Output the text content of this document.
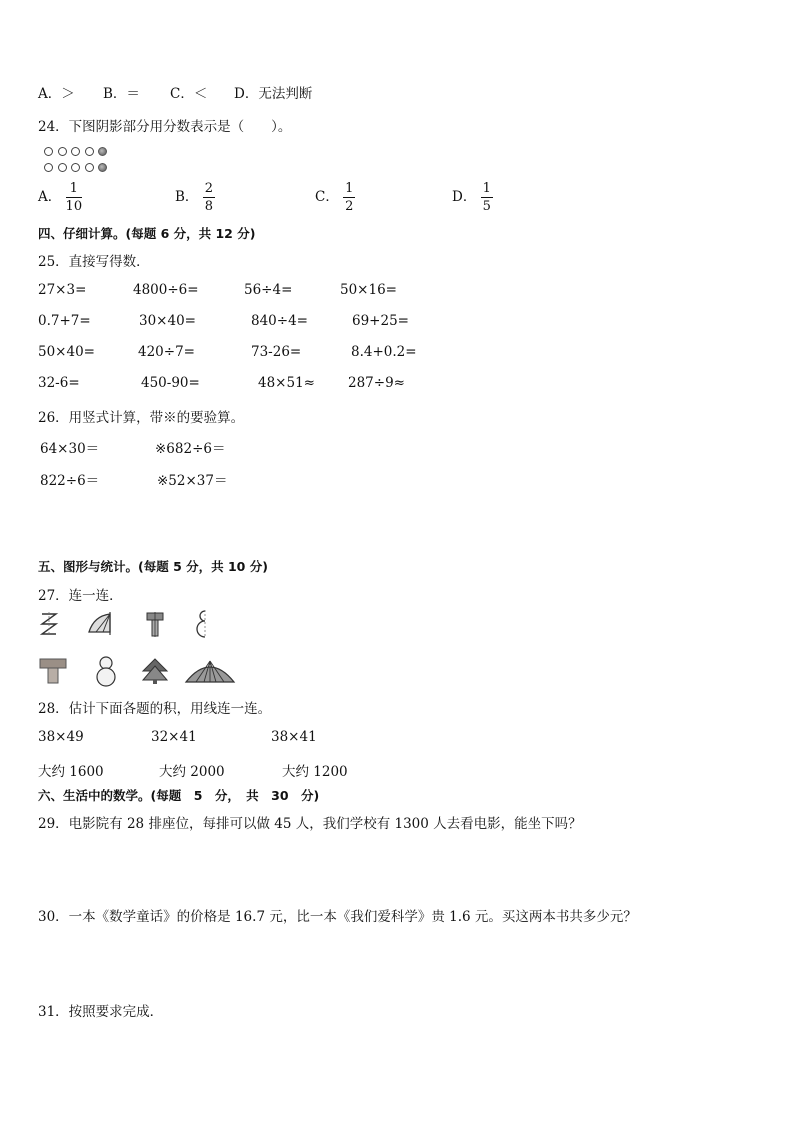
A．＞ B．＝ C．＜ D．无法判断
24．下图阴影部分用分数表示是（　　）。
A． $\frac{1}{10}$	B． $\frac{2}{8}$	C． $\frac{1}{2}$	D． $\frac{1}{5}$
四、仔细计算。(每题 6 分，共 12 分)
25．直接写得数．
27×3=	4800÷6=	56÷4=	50×16=
0.7+7=	30×40=	840÷4=	69+25=
50×40=	420÷7=	73-26=	8.4+0.2=
32-6=	450-90=	48×51≈ 287÷9≈
26．用竖式计算，带※的要验算。
64×30＝	※682÷6＝
822÷6＝	※52×37＝
五、图形与统计。(每题 5 分，共 10 分)
27．连一连．
28．估计下面各题的积，用线连一连。
38×49	32×41	38×41
大约 1600	大约 2000	大约 1200
六、生活中的数学。(每题　5　分，　共　30　分)
29．电影院有 28 排座位，每排可以做 45 人，我们学校有 1300 人去看电影，能坐下吗？
30．一本《数学童话》的价格是 16.7 元，比一本《我们爱科学》贵 1.6 元。买这两本书共多少元？
31．按照要求完成．
